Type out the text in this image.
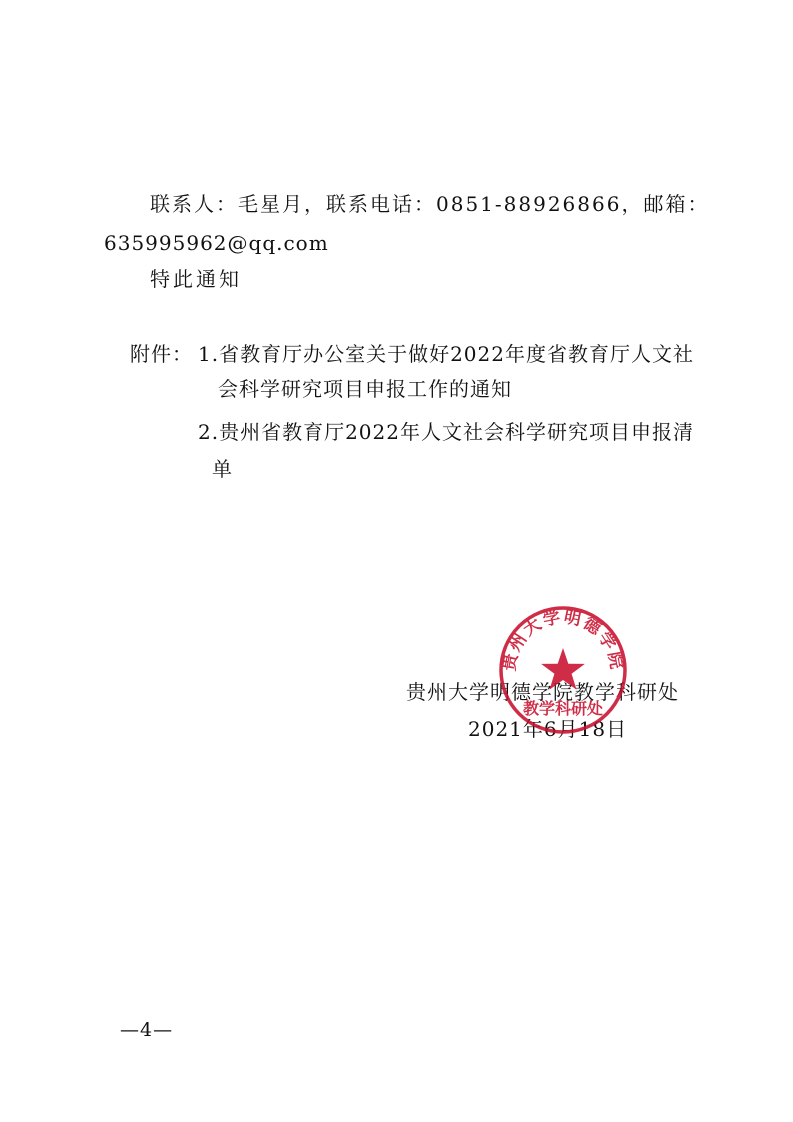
联系人：毛星月，联系电话：0851-88926866，邮箱：
635995962@qq.com
特此通知
附件： 1.省教育厅办公室关于做好2022年度省教育厅人文社
会科学研究项目申报工作的通知
2.贵州省教育厅2022年人文社会科学研究项目申报清
单
贵州大学明德学院教学科研处
2021年6月18日
贵州大学明德学院
教学科研处
—4—
